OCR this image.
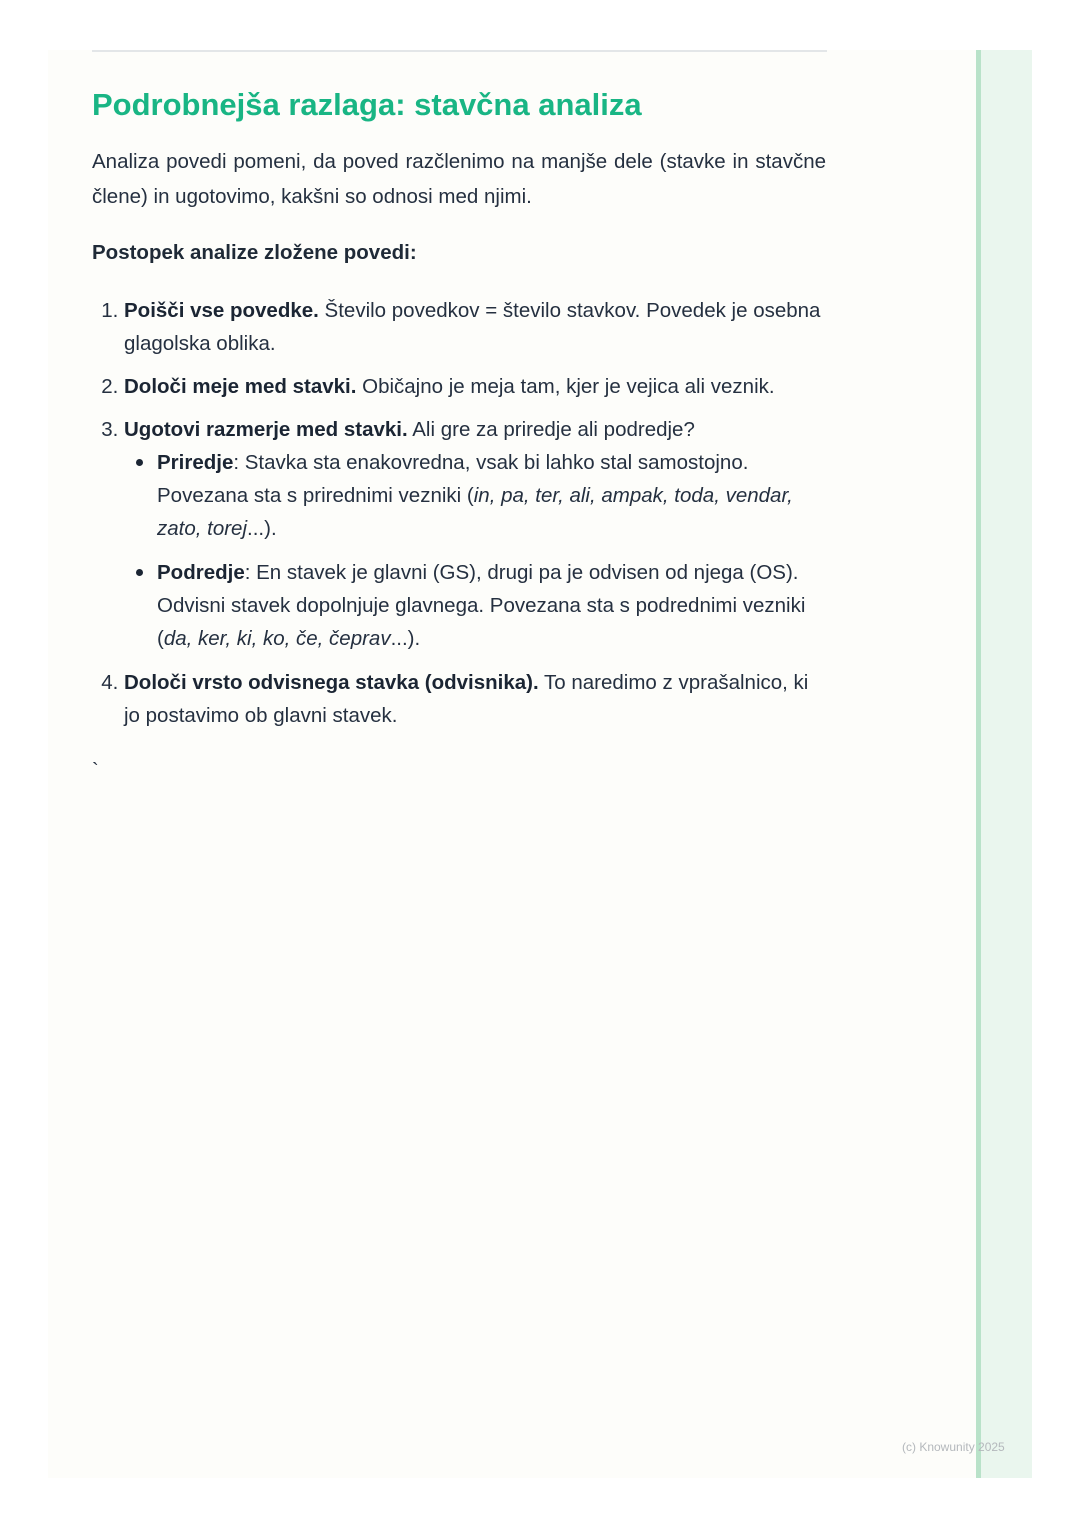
Podrobnejša razlaga: stavčna analiza

Analiza povedi pomeni, da poved razčlenimo na manjše dele (stavke in stavčne člene) in ugotovimo, kakšni so odnosi med njimi.

Postopek analize zložene povedi:

1. Poišči vse povedke. Število povedkov = število stavkov. Povedek je osebna glagolska oblika.
2. Določi meje med stavki. Običajno je meja tam, kjer je vejica ali veznik.
3. Ugotovi razmerje med stavki. Ali gre za priredje ali podredje?
Priredje: Stavka sta enakovredna, vsak bi lahko stal samostojno. Povezana sta s prirednimi vezniki (in, pa, ter, ali, ampak, toda, vendar, zato, torej...).
Podredje: En stavek je glavni (GS), drugi pa je odvisen od njega (OS). Odvisni stavek dopolnjuje glavnega. Povezana sta s podrednimi vezniki (da, ker, ki, ko, če, čeprav...).
4. Določi vrsto odvisnega stavka (odvisnika). To naredimo z vprašalnico, ki jo postavimo ob glavni stavek.
`
(c) Knowunity 2025
